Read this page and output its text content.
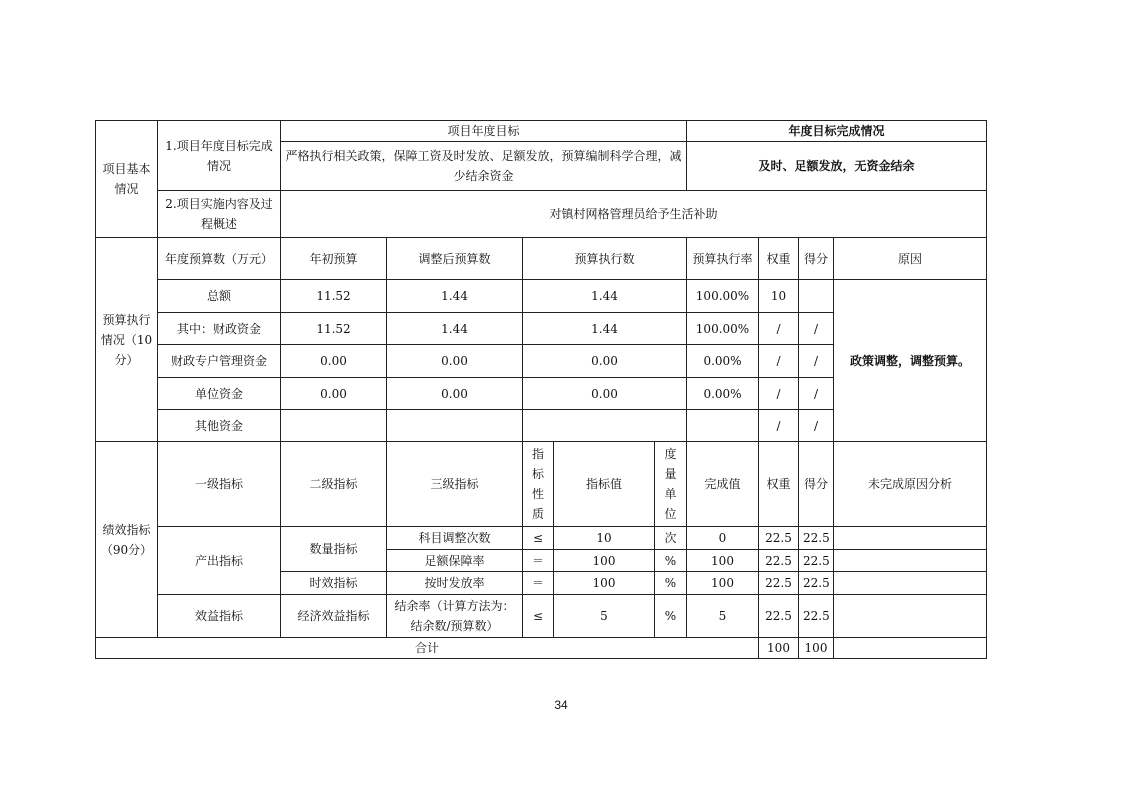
项目基本情况	1.项目年度目标完成情况	项目年度目标					年度目标完成情况			
		严格执行相关政策，保障工资及时发放、足额发放，预算编制科学合理，减少结余资金					及时、足额发放，无资金结余			
	2.项目实施内容及过程概述	对镇村网格管理员给予生活补助								

预算执行情况（10分）	年度预算数（万元）	年初预算	调整后预算数	预算执行数			预算执行率	权重	得分	原因
	总额	11.52	1.44	1.44			100.00%	10		政策调整，调整预算。
	其中：财政资金	11.52	1.44	1.44			100.00%	/	/	
	财政专户管理资金	0.00	0.00	0.00			0.00%	/	/	
	单位资金	0.00	0.00	0.00			0.00%	/	/	
	其他资金							/	/	
绩效指标（90分）	一级指标	二级指标	三级指标	指标性质	指标值	度量单位	完成值	权重	得分	未完成原因分析
	产出指标	数量指标	科目调整次数	≤	10	次	0	22.5	22.5	
			足额保障率	＝	100	%	100	22.5	22.5	
		时效指标	按时发放率	＝	100	%	100	22.5	22.5	
	效益指标	经济效益指标	结余率（计算方法为：结余数/预算数）	≤	5	%	5	22.5	22.5	
合计								100	100	
34
